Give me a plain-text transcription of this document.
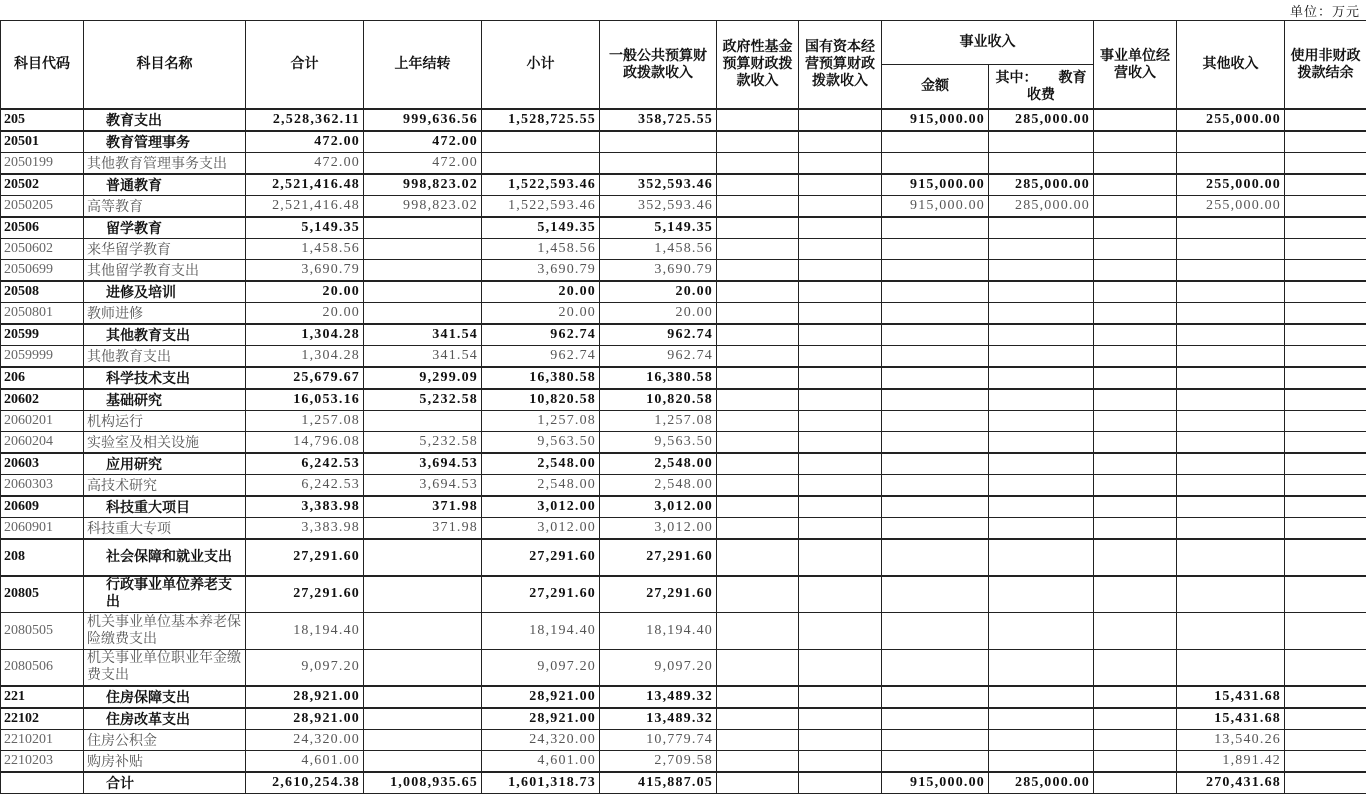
单位：万元
科目代码	科目名称	合计	上年结转	小计	一般公共预算财政拨款收入	政府性基金预算财政拨款收入	国有资本经营预算财政拨款收入	事业收入		事业单位经营收入	其他收入	使用非财政拨款结余
								金额	其中：　　教育收费			
205	教育支出	2,528,362.11	999,636.56	1,528,725.55	358,725.55			915,000.00	285,000.00		255,000.00	
20501	教育管理事务	472.00	472.00									
2050199	其他教育管理事务支出	472.00	472.00									
20502	普通教育	2,521,416.48	998,823.02	1,522,593.46	352,593.46			915,000.00	285,000.00		255,000.00	
2050205	高等教育	2,521,416.48	998,823.02	1,522,593.46	352,593.46			915,000.00	285,000.00		255,000.00	
20506	留学教育	5,149.35		5,149.35	5,149.35							
2050602	来华留学教育	1,458.56		1,458.56	1,458.56							
2050699	其他留学教育支出	3,690.79		3,690.79	3,690.79							
20508	进修及培训	20.00		20.00	20.00							
2050801	教师进修	20.00		20.00	20.00							
20599	其他教育支出	1,304.28	341.54	962.74	962.74							
2059999	其他教育支出	1,304.28	341.54	962.74	962.74							
206	科学技术支出	25,679.67	9,299.09	16,380.58	16,380.58							
20602	基础研究	16,053.16	5,232.58	10,820.58	10,820.58							
2060201	机构运行	1,257.08		1,257.08	1,257.08							
2060204	实验室及相关设施	14,796.08	5,232.58	9,563.50	9,563.50							
20603	应用研究	6,242.53	3,694.53	2,548.00	2,548.00							
2060303	高技术研究	6,242.53	3,694.53	2,548.00	2,548.00							
20609	科技重大项目	3,383.98	371.98	3,012.00	3,012.00							
2060901	科技重大专项	3,383.98	371.98	3,012.00	3,012.00							
208	社会保障和就业支出	27,291.60		27,291.60	27,291.60							
20805	行政事业单位养老支出	27,291.60		27,291.60	27,291.60							
2080505	机关事业单位基本养老保险缴费支出	18,194.40		18,194.40	18,194.40							
2080506	机关事业单位职业年金缴费支出	9,097.20		9,097.20	9,097.20							
221	住房保障支出	28,921.00		28,921.00	13,489.32						15,431.68	
22102	住房改革支出	28,921.00		28,921.00	13,489.32						15,431.68	
2210201	住房公积金	24,320.00		24,320.00	10,779.74						13,540.26	
2210203	购房补贴	4,601.00		4,601.00	2,709.58						1,891.42	
	合计	2,610,254.38	1,008,935.65	1,601,318.73	415,887.05			915,000.00	285,000.00		270,431.68	
